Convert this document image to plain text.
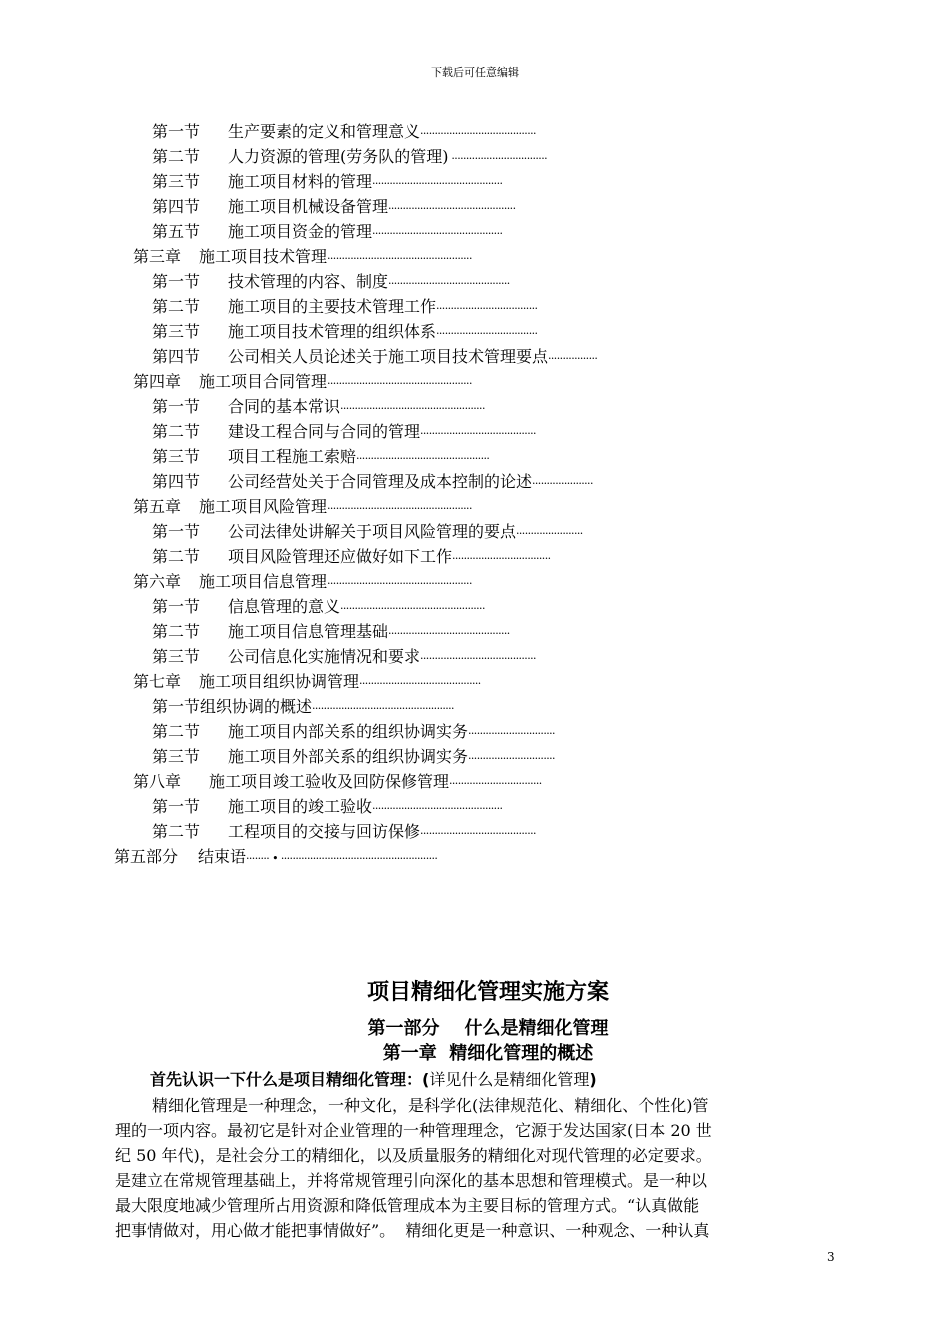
下载后可任意编辑
第一节 生产要素的定义和管理意义········································
第二节 人力资源的管理(劳务队的管理) ·································
第三节 施工项目材料的管理·············································
第四节 施工项目机械设备管理············································
第五节 施工项目资金的管理·············································
第三章 施工项目技术管理··················································
第一节 技术管理的内容、制度··········································
第二节 施工项目的主要技术管理工作···································
第三节 施工项目技术管理的组织体系···································
第四节 公司相关人员论述关于施工项目技术管理要点·················
第四章 施工项目合同管理··················································
第一节 合同的基本常识··················································
第二节 建设工程合同与合同的管理········································
第三节 项目工程施工索赔··············································
第四节 公司经营处关于合同管理及成本控制的论述·····················
第五章 施工项目风险管理··················································
第一节 公司法律处讲解关于项目风险管理的要点·······················
第二节 项目风险管理还应做好如下工作··································
第六章 施工项目信息管理··················································
第一节 信息管理的意义··················································
第二节 施工项目信息管理基础··········································
第三节 公司信息化实施情况和要求········································
第七章 施工项目组织协调管理··········································
第一节组织协调的概述·················································
第二节 施工项目内部关系的组织协调实务······························
第三节 施工项目外部关系的组织协调实务······························
第八章 施工项目竣工验收及回防保修管理································
第一节 施工项目的竣工验收·············································
第二节 工程项目的交接与回访保修········································
第五部分 结束语········ • ······················································
项目精细化管理实施方案
第一部分    什么是精细化管理
第一章  精细化管理的概述
首先认识一下什么是项目精细化管理：(详见什么是精细化管理)
精细化管理是一种理念，一种文化，是科学化(法律规范化、精细化、个性化)管
理的一项内容。最初它是针对企业管理的一种管理理念，它源于发达国家(日本 20 世
纪 50 年代)，是社会分工的精细化，以及质量服务的精细化对现代管理的必定要求。
是建立在常规管理基础上，并将常规管理引向深化的基本思想和管理模式。是一种以
最大限度地减少管理所占用资源和降低管理成本为主要目标的管理方式。“认真做能
把事情做对，用心做才能把事情做好”。  精细化更是一种意识、一种观念、一种认真
3
